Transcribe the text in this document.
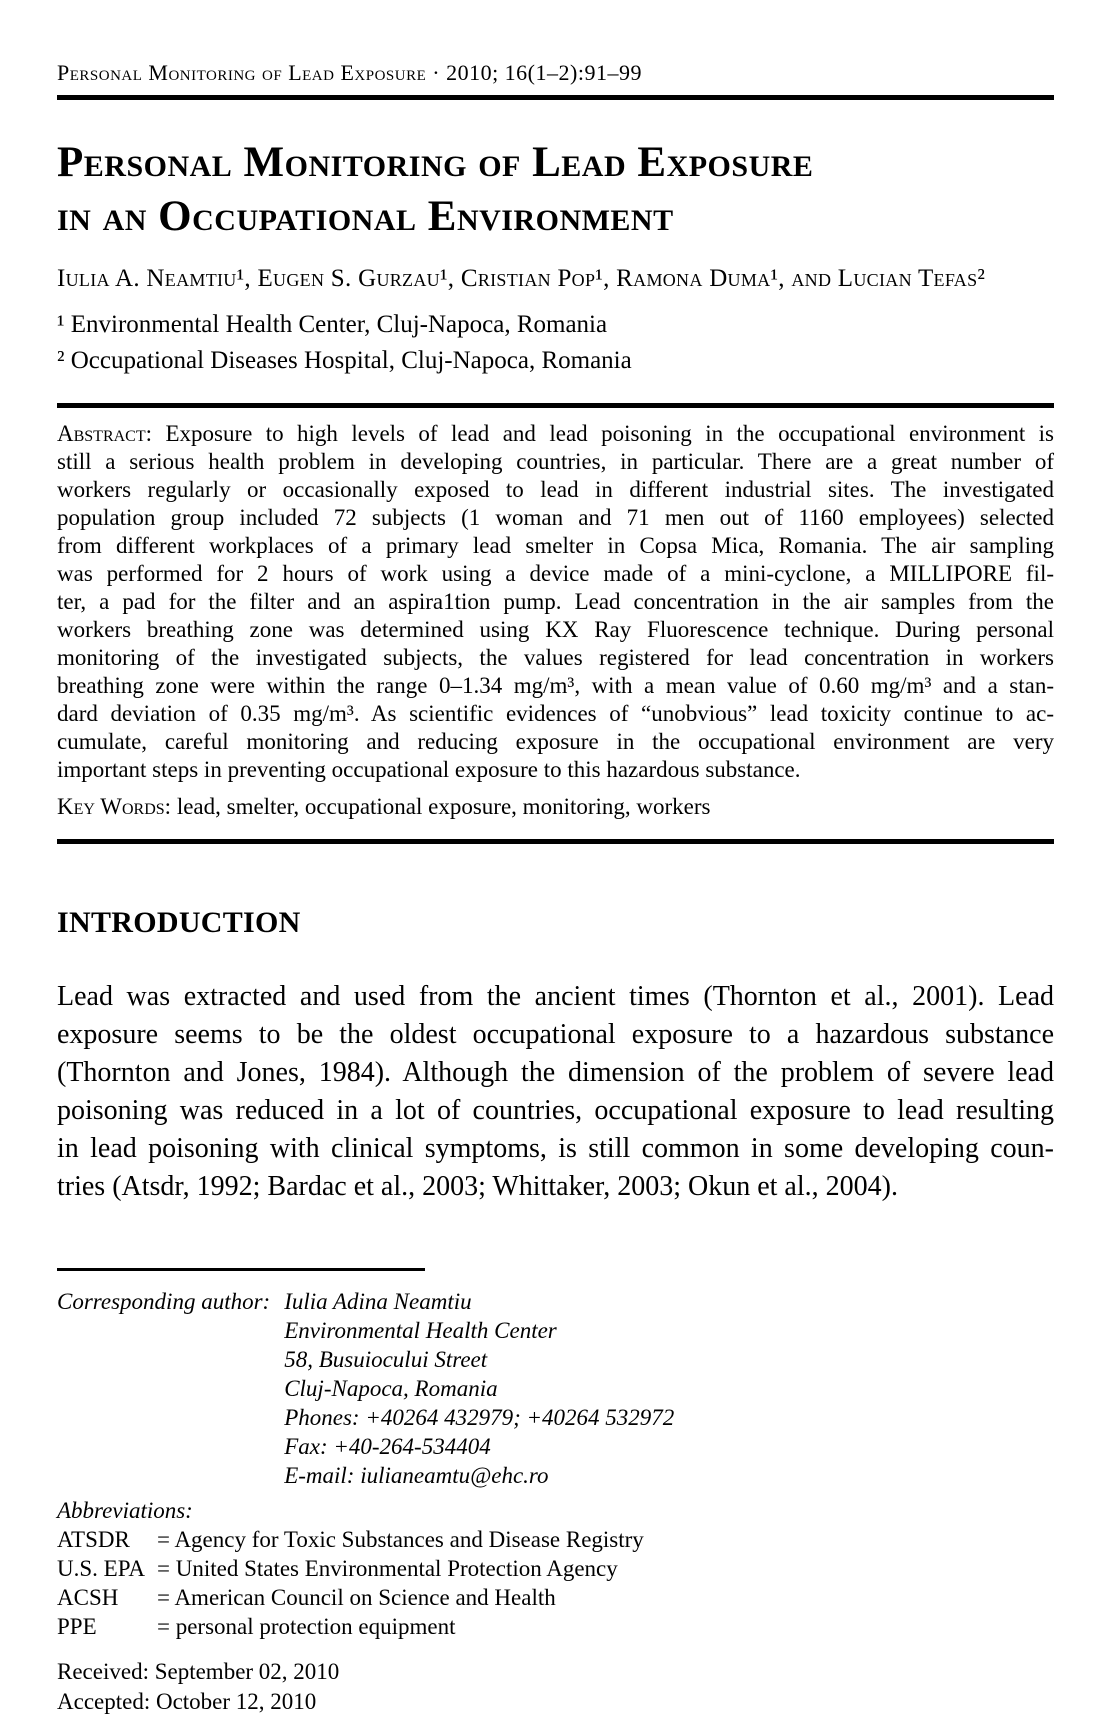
Personal Monitoring of Lead Exposure · 2010; 16(1–2):91–99
Personal Monitoring of Lead Exposure
in an Occupational Environment
Iulia A. Neamtiu¹, Eugen S. Gurzau¹, Cristian Pop¹, Ramona Duma¹, and Lucian Tefas²
¹ Environmental Health Center, Cluj-Napoca, Romania
² Occupational Diseases Hospital, Cluj-Napoca, Romania
Abstract: Exposure to high levels of lead and lead poisoning in the occupational environment is
still a serious health problem in developing countries, in particular. There are a great number of
workers regularly or occasionally exposed to lead in different industrial sites. The investigated
population group included 72 subjects (1 woman and 71 men out of 1160 employees) selected
from different workplaces of a primary lead smelter in Copsa Mica, Romania. The air sampling
was performed for 2 hours of work using a device made of a mini-cyclone, a MILLIPORE fil-
ter, a pad for the filter and an aspira1tion pump. Lead concentration in the air samples from the
workers breathing zone was determined using KX Ray Fluorescence technique. During personal
monitoring of the investigated subjects, the values registered for lead concentration in workers
breathing zone were within the range 0–1.34 mg/m³, with a mean value of 0.60 mg/m³ and a stan-
dard deviation of 0.35 mg/m³. As scientific evidences of “unobvious” lead toxicity continue to ac-
cumulate, careful monitoring and reducing exposure in the occupational environment are very
important steps in preventing occupational exposure to this hazardous substance.
Key Words: lead, smelter, occupational exposure, monitoring, workers
INTRODUCTION
Lead was extracted and used from the ancient times (Thornton et al., 2001). Lead
exposure seems to be the oldest occupational exposure to a hazardous substance
(Thornton and Jones, 1984). Although the dimension of the problem of severe lead
poisoning was reduced in a lot of countries, occupational exposure to lead resulting
in lead poisoning with clinical symptoms, is still common in some developing coun-
tries (Atsdr, 1992; Bardac et al., 2003; Whittaker, 2003; Okun et al., 2004).
Corresponding author: Iulia Adina Neamtiu
Environmental Health Center
58, Busuiocului Street
Cluj-Napoca, Romania
Phones: +40264 432979; +40264 532972
Fax: +40-264-534404
E-mail: iulianeamtu@ehc.ro
Abbreviations:
ATSDR	= Agency for Toxic Substances and Disease Registry
U.S. EPA = United States Environmental Protection Agency
ACSH	= American Council on Science and Health
PPE	= personal protection equipment
Received: September 02, 2010
Accepted: October 12, 2010
